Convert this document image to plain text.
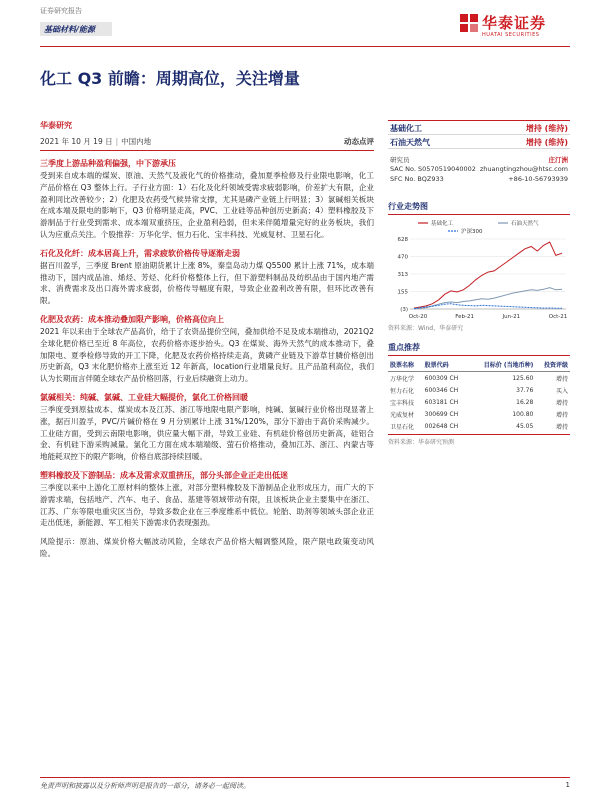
证券研究报告
基础材料/能源	华泰证券
HUATAI SECURITIES
化工 Q3 前瞻：周期高位，关注增量
华泰研究
2021 年 10 月 19 日 | 中国内地	动态点评
三季度上游品种盈利偏强，中下游承压
受到来自成本端的煤炭、原油、天然气及液化气的价格推动，叠加夏季检修及行业限电影响，化工产品价格在 Q3 整体上行。子行业方面：1）石化及化纤领域受需求疲弱影响，价差扩大有限，企业盈利同比改善较少；2）化肥及农药受气候异常支撑，尤其是磷产业链上行明显；3）氯碱相关板块在成本端及限电的影响下，Q3 价格明显走高，PVC、工业硅等品种创历史新高；4）塑料橡胶及下游制品于行业受到需求、成本端双重挤压，企业盈利趋弱，但未来伴随增量完好的业务板块，我们认为应重点关注。个股推荐：万华化学、恒力石化、宝丰科技、光威复材、卫星石化。
石化及化纤：成本居高上升，需求疲软价格传导逐渐走弱
据百川盈孚，三季度 Brent 原油期货累计上涨 8%，秦皇岛动力煤 Q5500 累计上涨 71%，成本端推动下，国内成品油、烯烃、芳烃、化纤价格整体上行，但下游塑料制品及纺织品由于国内地产需求、消费需求及出口海外需求疲弱，价格传导幅度有限，导致企业盈利改善有限，但环比改善有限。
化肥及农药：成本推动叠加限产影响，价格高位向上
2021 年以来由于全球农产品高价，给于了农资品提价空间，叠加供给不足及成本端推动，2021Q2 全球化肥价格已至近 8 年高位，农药价格亦逐步抬头。Q3 在煤炭、海外天然气的成本推动下，叠加限电、夏季检修导致的开工下降，化肥及农药价格持续走高，黄磷产业链及下游草甘膦价格创出历史新高，Q3 末化肥价格亦上涨至近 12 年新高，location行业增量良好。且产品盈利高位，我们认为长期而言伴随全球农产品价格回落，行业后续融资上动力。
氯碱相关：纯碱、氯碱、工业硅大幅提价，氯化工价格回暖
三季度受到原盐成本、煤炭成本及江苏、浙江等地限电限产影响，纯碱、氯碱行业价格出现显著上涨，据百川盈孚，PVC/片碱价格在 9 月分别累计上涨 31%/120%，部分下游由于高价采购减少。工业硅方面，受到云南限电影响，供应量大幅下滑，导致工业硅、有机硅价格创历史新高，硅铝合金、有机硅下游采购减量。氯化工方面在成本端端级、萤石价格推动，叠加江苏、浙江、内蒙古等地能耗双控下的限产影响，价格自底部持续回暖。
塑料橡胶及下游制品：成本及需求双重挤压，部分头部企业正走出低迷
三季度以来中上游化工原材料的整体上涨，对部分塑料橡胶及下游制品企业形成压力，而广大的下游需求端，包括地产、汽车、电子、食品、基建等领域带动有限，且该板块企业主要集中在浙江、江苏、广东等限电重灾区当份，导致多数企业在三季度维系中低位。轮胎、助剂等领域头部企业正走出低迷，新能源、军工相关下游需求仍表现强劲。
风险提示：原油、煤炭价格大幅波动风险，全球农产品价格大幅调整风险，限产限电政策变动风险。
基础化工	增持 (维持)
石油天然气	增持 (维持)
研究员	庄汀洲
SAC No. S0570519040002 zhuangtingzhou@htsc.com
SFC No. BQZ933	+86-10-56793939
行业走势图
基础化工	石油天然气
沪深300
628
470
313
155
(3)
Oct-20	Feb-21	Jun-21	Oct-21
资料来源：Wind，华泰研究
重点推荐
股票名称	股票代码	目标价 (当地币种)	投资评级
万华化学	600309 CH	125.60	增持
恒力石化	600346 CH	37.76	买入
宝丰科技	603181 CH	16.28	增持
光威复材	300699 CH	100.80	增持
卫星石化	002648 CH	45.05	增持
资料来源：华泰研究预测
免责声明和披露以及分析师声明是报告的一部分，请务必一起阅读。	1
